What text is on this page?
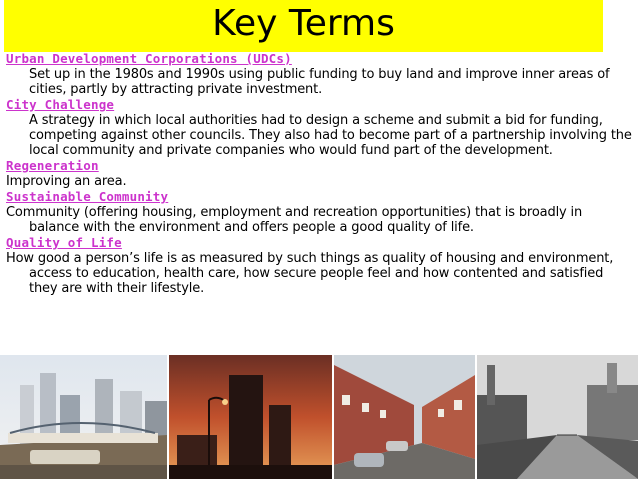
Key Terms
Urban Development Corporations (UDCs)
Set up in the 1980s and 1990s using public funding to buy land and improve inner areas of cities, partly by attracting private investment.
City Challenge
A strategy in which local authorities had to design a scheme and submit a bid for funding, competing against other councils. They also had to become part of a partnership involving the local community and private companies who would fund part of the development.
Regeneration
Improving an area.
Sustainable Community
Community (offering housing, employment and recreation opportunities) that is broadly in balance with the environment and offers people a good quality of life.
Quality of Life
How good a person’s life is as measured by such things as quality of housing and environment, access to education, health care, how secure people feel and how contented and satisfied they are with their lifestyle.
